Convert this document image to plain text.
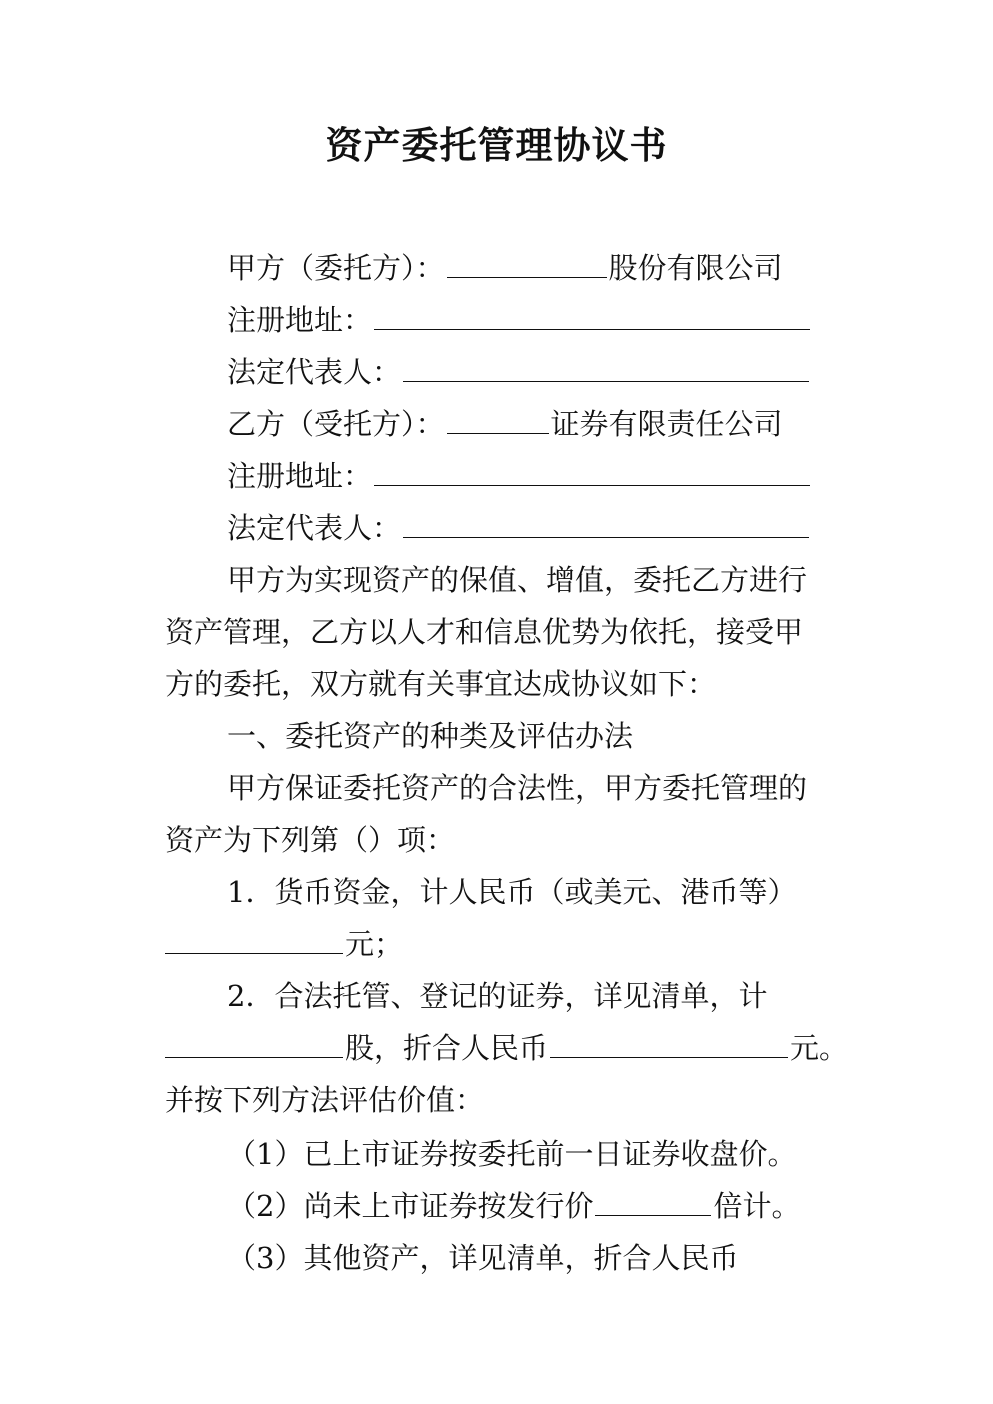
资产委托管理协议书
甲方（委托方）：	股份有限公司
注册地址：
法定代表人：
乙方（受托方）：	证券有限责任公司
注册地址：
法定代表人：
甲方为实现资产的保值、增值，委托乙方进行
资产管理，乙方以人才和信息优势为依托，接受甲
方的委托，双方就有关事宜达成协议如下：
一、委托资产的种类及评估办法
甲方保证委托资产的合法性，甲方委托管理的
资产为下列第（）项：
1．货币资金，计人民币（或美元、港币等）
元；
2．合法托管、登记的证券，详见清单，计
股，折合人民币	元。
并按下列方法评估价值：
（1）已上市证券按委托前一日证券收盘价。
（2）尚未上市证券按发行价	倍计。
（3）其他资产，详见清单，折合人民币
